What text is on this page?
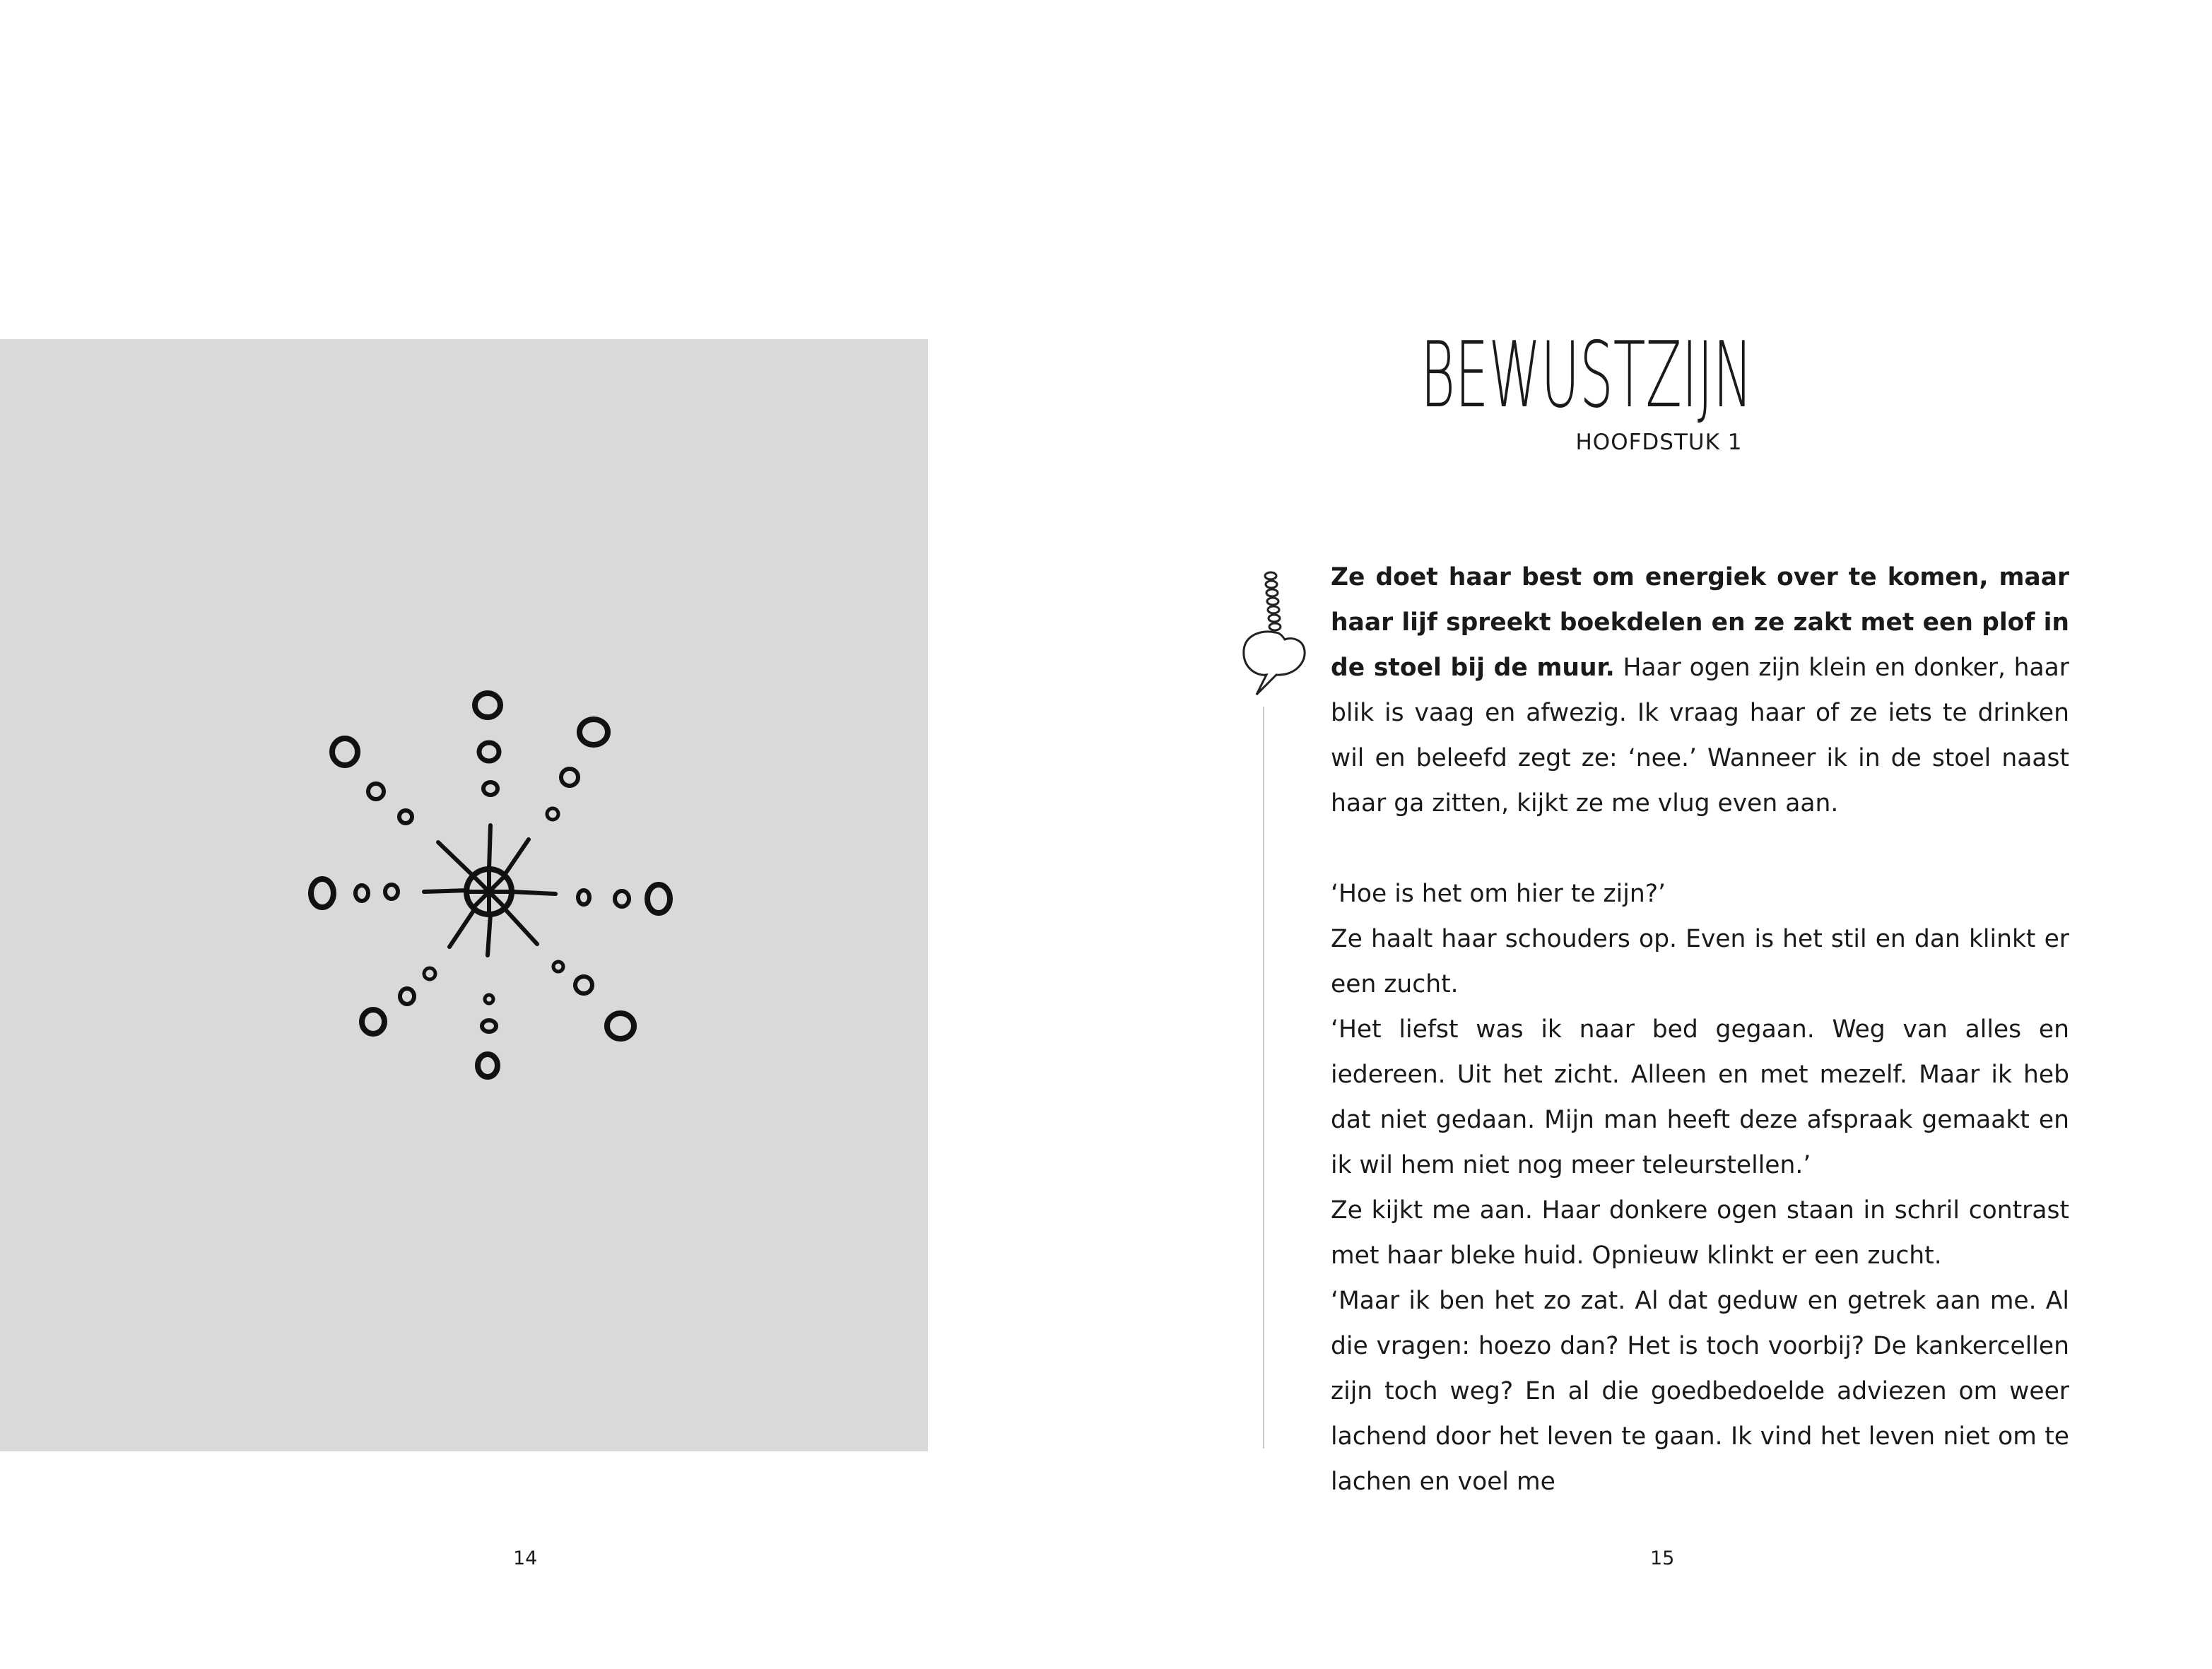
14
BEWUSTZIJN
HOOFDSTUK 1

Ze doet haar best om energiek over te komen, maar haar lijf spreekt boekdelen en ze zakt met een plof in de stoel bij de muur. Haar ogen zijn klein en donker, haar blik is vaag en afwezig. Ik vraag haar of ze iets te drinken wil en beleefd zegt ze: ‘nee.’ Wanneer ik in de stoel naast haar ga zitten, kijkt ze me vlug even aan.

‘Hoe is het om hier te zijn?’

Ze haalt haar schouders op. Even is het stil en dan klinkt er een zucht.

‘Het liefst was ik naar bed gegaan. Weg van alles en iedereen. Uit het zicht. Alleen en met mezelf. Maar ik heb dat niet gedaan. Mijn man heeft deze afspraak gemaakt en ik wil hem niet nog meer teleurstellen.’

Ze kijkt me aan. Haar donkere ogen staan in schril contrast met haar bleke huid. Opnieuw klinkt er een zucht.

‘Maar ik ben het zo zat. Al dat geduw en getrek aan me. Al die vragen: hoezo dan? Het is toch voorbij? De kankercellen zijn toch weg? En al die goedbedoelde adviezen om weer lachend door het leven te gaan. Ik vind het leven niet om te lachen en voel me

15
